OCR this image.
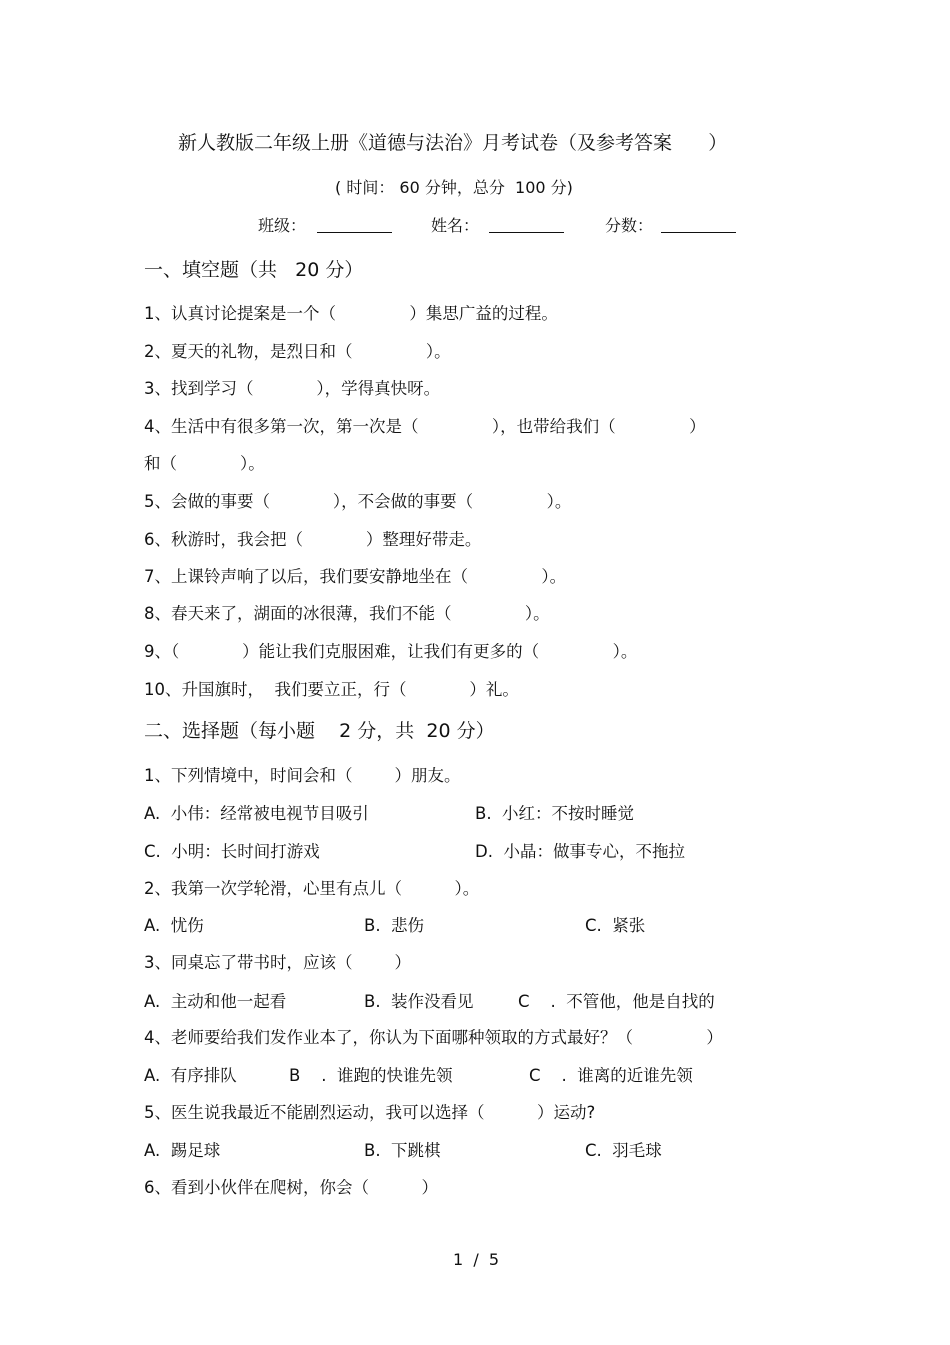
新人教版二年级上册《道德与法治》月考试卷（及参考答案      ）
( 时间： 60 分钟，总分  100 分)
班级：	姓名：	分数：
一、填空题（共   20 分）
1、认真讨论提案是一个（              ）集思广益的过程。
2、夏天的礼物，是烈日和（              ）。
3、找到学习（            ），学得真快呀。
4、生活中有很多第一次，第一次是（              ），也带给我们（              ）
和（            ）。
5、会做的事要（            ），不会做的事要（              ）。
6、秋游时，我会把（            ）整理好带走。
7、上课铃声响了以后，我们要安静地坐在（              ）。
8、春天来了，湖面的冰很薄，我们不能（              ）。
9、（            ）能让我们克服困难，让我们有更多的（              ）。
10、升国旗时，  我们要立正，行（            ）礼。
二、选择题（每小题    2 分，共  20 分）
1、下列情境中，时间会和（        ）朋友。
A.  小伟：经常被电视节目吸引	B.  小红：不按时睡觉
C.  小明：长时间打游戏	D.  小晶：做事专心，不拖拉
2、我第一次学轮滑，心里有点儿（          ）。
A.  忧伤	B.  悲伤	C.  紧张
3、同桌忘了带书时，应该（        ）
A.  主动和他一起看	B.  装作没看见	C    .  不管他，他是自找的
4、老师要给我们发作业本了，你认为下面哪种领取的方式最好？（              ）
A.  有序排队	B    .  谁跑的快谁先领	C    .  谁离的近谁先领
5、医生说我最近不能剧烈运动，我可以选择（          ）运动?
A.  踢足球	B.  下跳棋	C.  羽毛球
6、看到小伙伴在爬树，你会（          ）
1  /  5
